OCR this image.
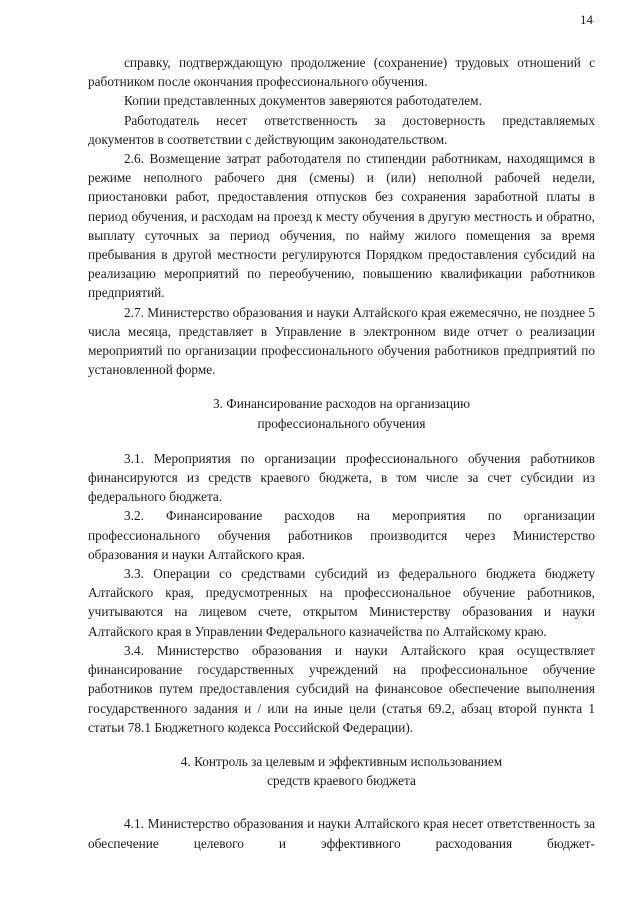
14

справку, подтверждающую продолжение (сохранение) трудовых отношений с работником после окончания профессионального обучения.

Копии представленных документов заверяются работодателем.

Работодатель несет ответственность за достоверность представляемых документов в соответствии с действующим законодательством.

2.6. Возмещение затрат работодателя по стипендии работникам, находящимся в режиме неполного рабочего дня (смены) и (или) неполной рабочей недели, приостановки работ, предоставления отпусков без сохранения заработной платы в период обучения, и расходам на проезд к месту обучения в другую местность и обратно, выплату суточных за период обучения, по найму жилого помещения за время пребывания в другой местности регулируются Порядком предоставления субсидий на реализацию мероприятий по переобучению, повышению квалификации работников предприятий.

2.7. Министерство образования и науки Алтайского края ежемесячно, не позднее 5 числа месяца, представляет в Управление в электронном виде отчет о реализации мероприятий по организации профессионального обучения работников предприятий по установленной форме.

3. Финансирование расходов на организацию
профессионального обучения

3.1. Мероприятия по организации профессионального обучения работников финансируются из средств краевого бюджета, в том числе за счет субсидии из федерального бюджета.

3.2. Финансирование расходов на мероприятия по организации профессионального обучения работников производится через Министерство образования и науки Алтайского края.

3.3. Операции со средствами субсидий из федерального бюджета бюджету Алтайского края, предусмотренных на профессиональное обучение работников, учитываются на лицевом счете, открытом Министерству образования и науки Алтайского края в Управлении Федерального казначейства по Алтайскому краю.

3.4. Министерство образования и науки Алтайского края осуществляет финансирование государственных учреждений на профессиональное обучение работников путем предоставления субсидий на финансовое обеспечение выполнения государственного задания и / или на иные цели (статья 69.2, абзац второй пункта 1 статьи 78.1 Бюджетного кодекса Российской Федерации).

4. Контроль за целевым и эффективным использованием
средств краевого бюджета

4.1. Министерство образования и науки Алтайского края несет ответственность за обеспечение целевого и эффективного расходования бюджет-
